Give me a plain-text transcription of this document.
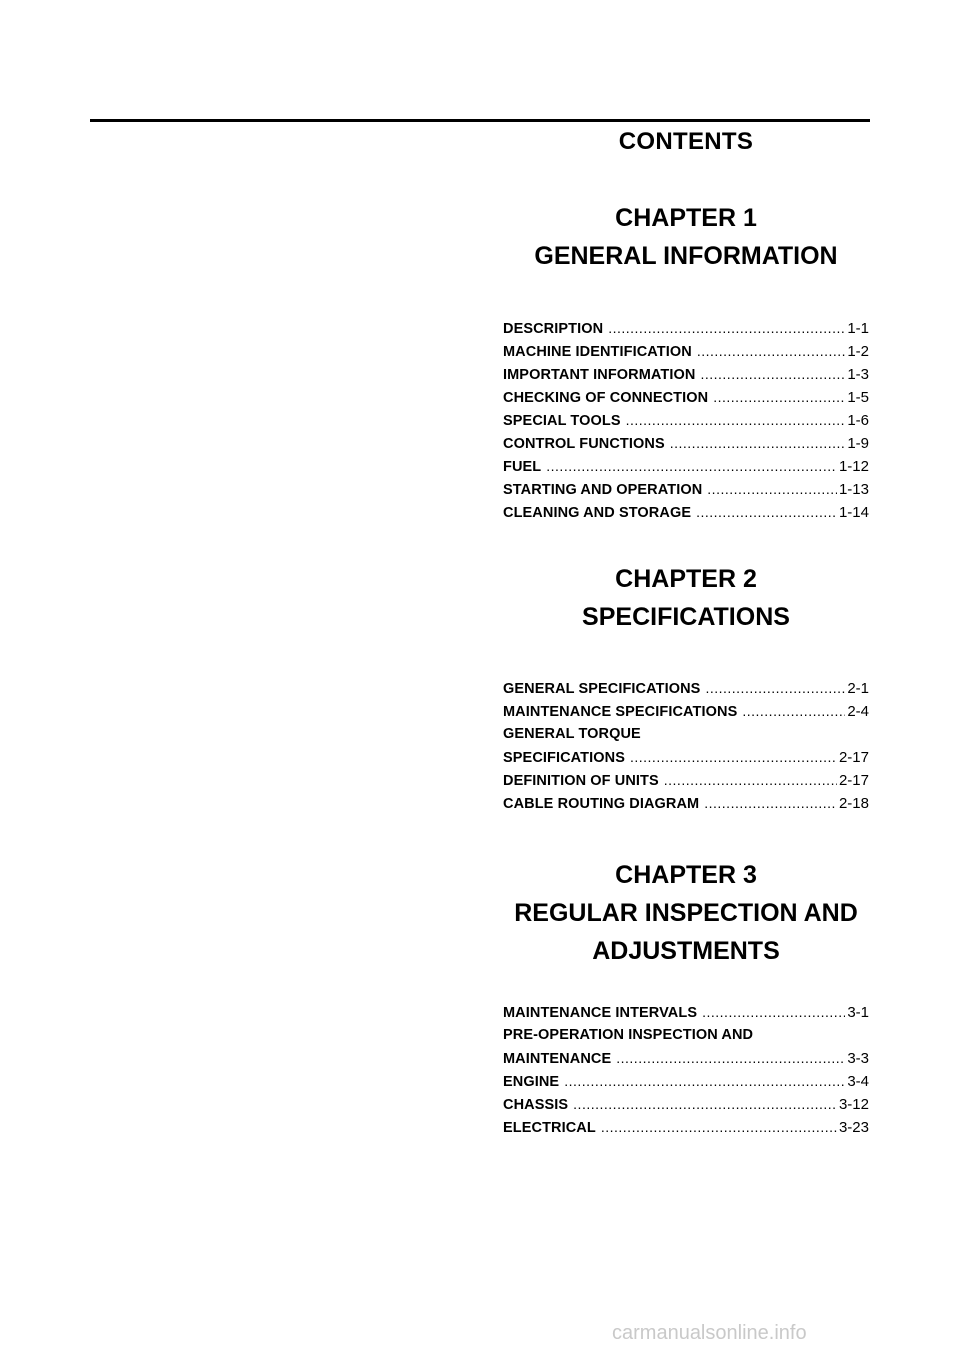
CONTENTS
CHAPTER 1
GENERAL INFORMATION
DESCRIPTION .....	1-1
MACHINE IDENTIFICATION .....	1-2
IMPORTANT INFORMATION .....	1-3
CHECKING OF CONNECTION .....	1-5
SPECIAL TOOLS .....	1-6
CONTROL FUNCTIONS .....	1-9
FUEL .....	1-12
STARTING AND OPERATION .....	1-13
CLEANING AND STORAGE .....	1-14
CHAPTER 2
SPECIFICATIONS
GENERAL SPECIFICATIONS .....	2-1
MAINTENANCE SPECIFICATIONS .....	2-4
GENERAL TORQUE
SPECIFICATIONS .....	2-17
DEFINITION OF UNITS .....	2-17
CABLE ROUTING DIAGRAM .....	2-18
CHAPTER 3
REGULAR INSPECTION AND
ADJUSTMENTS
MAINTENANCE INTERVALS .....	3-1
PRE-OPERATION INSPECTION AND
MAINTENANCE .....	3-3
ENGINE .....	3-4
CHASSIS .....	3-12
ELECTRICAL .....	3-23
carmanualsonline.info
